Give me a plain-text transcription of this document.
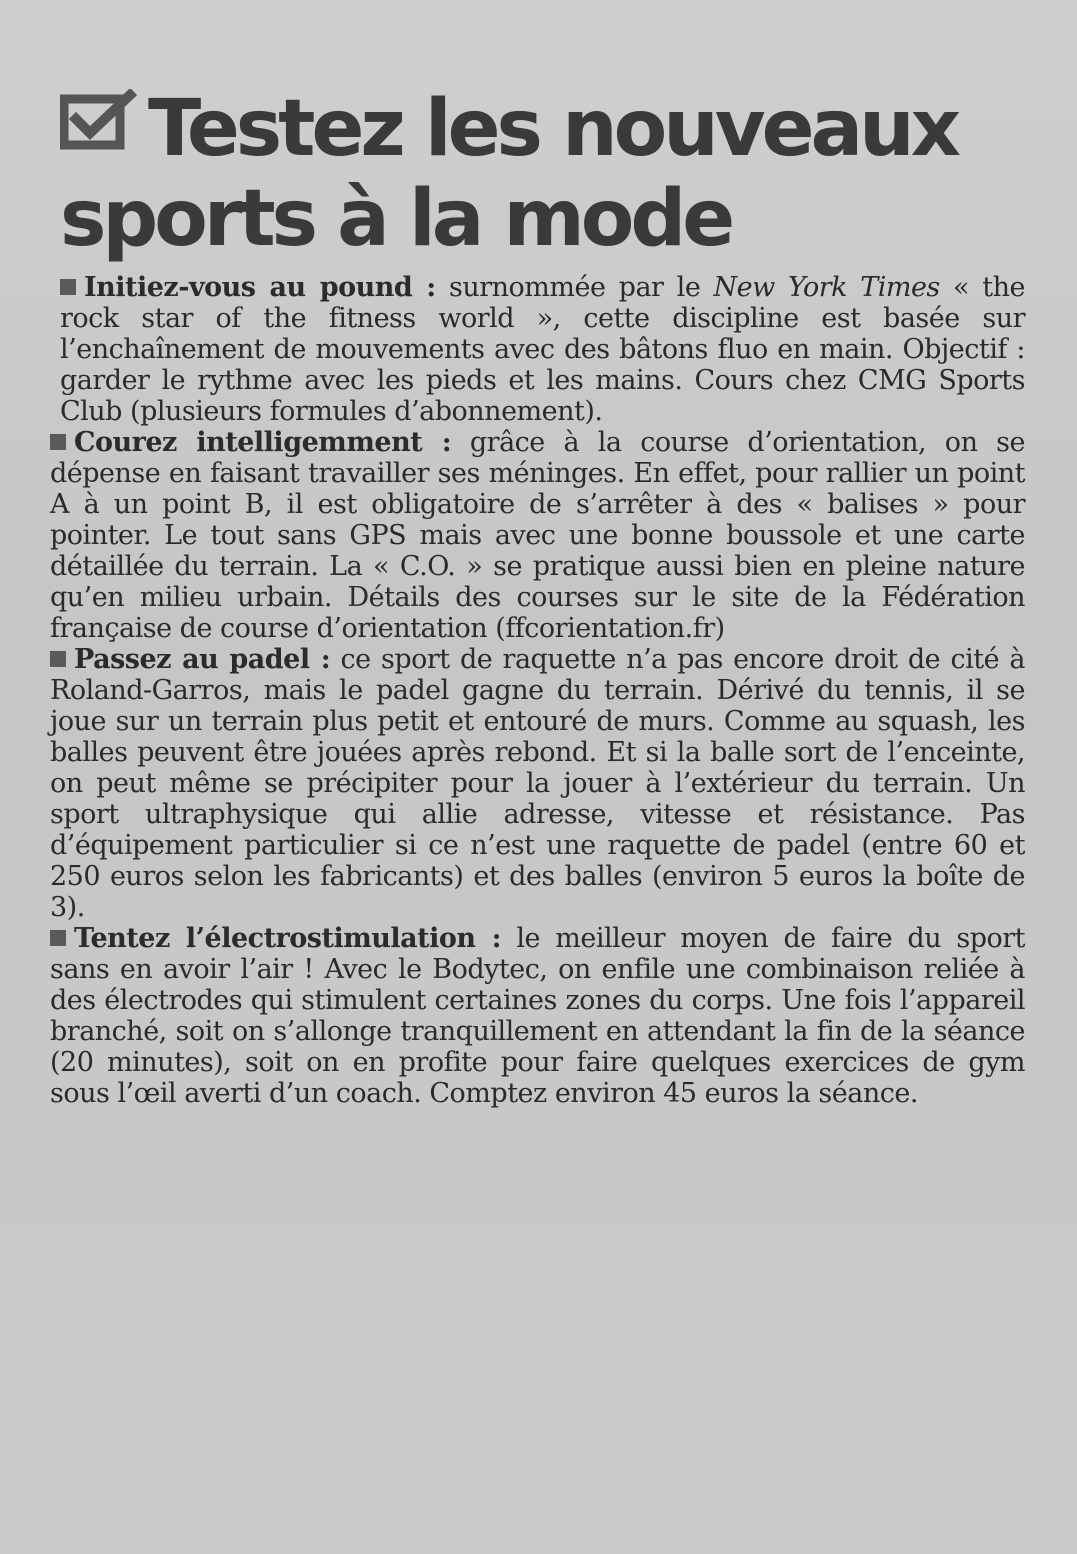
Testez les nouveaux
sports à la mode

Initiez-vous au pound : surnommée par le New York Times « the rock star of the fitness world », cette discipline est basée sur l’enchaînement de mouvements avec des bâtons fluo en main. Objectif : garder le rythme avec les pieds et les mains. Cours chez CMG Sports Club (plusieurs formules d’abonnement).

Courez intelligemment : grâce à la course d’orientation, on se dépense en faisant travailler ses méninges. En effet, pour rallier un point A à un point B, il est obligatoire de s’arrêter à des « balises » pour pointer. Le tout sans GPS mais avec une bonne boussole et une carte détaillée du terrain. La « C.O. » se pratique aussi bien en pleine nature qu’en milieu urbain. Détails des courses sur le site de la Fédération française de course d’orientation (ffcorientation.fr)

Passez au padel : ce sport de raquette n’a pas encore droit de cité à Roland-Garros, mais le padel gagne du terrain. Dérivé du tennis, il se joue sur un terrain plus petit et entouré de murs. Comme au squash, les balles peuvent être jouées après rebond. Et si la balle sort de l’enceinte, on peut même se précipiter pour la jouer à l’extérieur du terrain. Un sport ultraphysique qui allie adresse, vitesse et résistance. Pas d’équipement particulier si ce n’est une raquette de padel (entre 60 et 250 euros selon les fabricants) et des balles (environ 5 euros la boîte de 3).

Tentez l’électrostimulation : le meilleur moyen de faire du sport sans en avoir l’air ! Avec le Bodytec, on enfile une combinaison reliée à des électrodes qui stimulent certaines zones du corps. Une fois l’appareil branché, soit on s’allonge tranquillement en attendant la fin de la séance (20 minutes), soit on en profite pour faire quelques exercices de gym sous l’œil averti d’un coach. Comptez environ 45 euros la séance.
